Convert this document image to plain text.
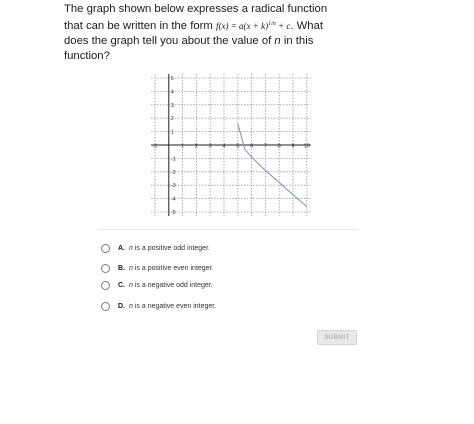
The graph shown below expresses a radical function
that can be written in the form $f(x) = a(x + k)^{1/n} + c$. What
does the graph tell you about the value of n in this
function?
-1	1 2 3 4 5 6 7 8 9 10
5
4
3
2
1
-1
-2
-3
-4
-5
A. n is a positive odd integer.
B. n is a positive even integer.
C. n is a negative odd integer.
D. n is a negative even integer.
SUBMIT
